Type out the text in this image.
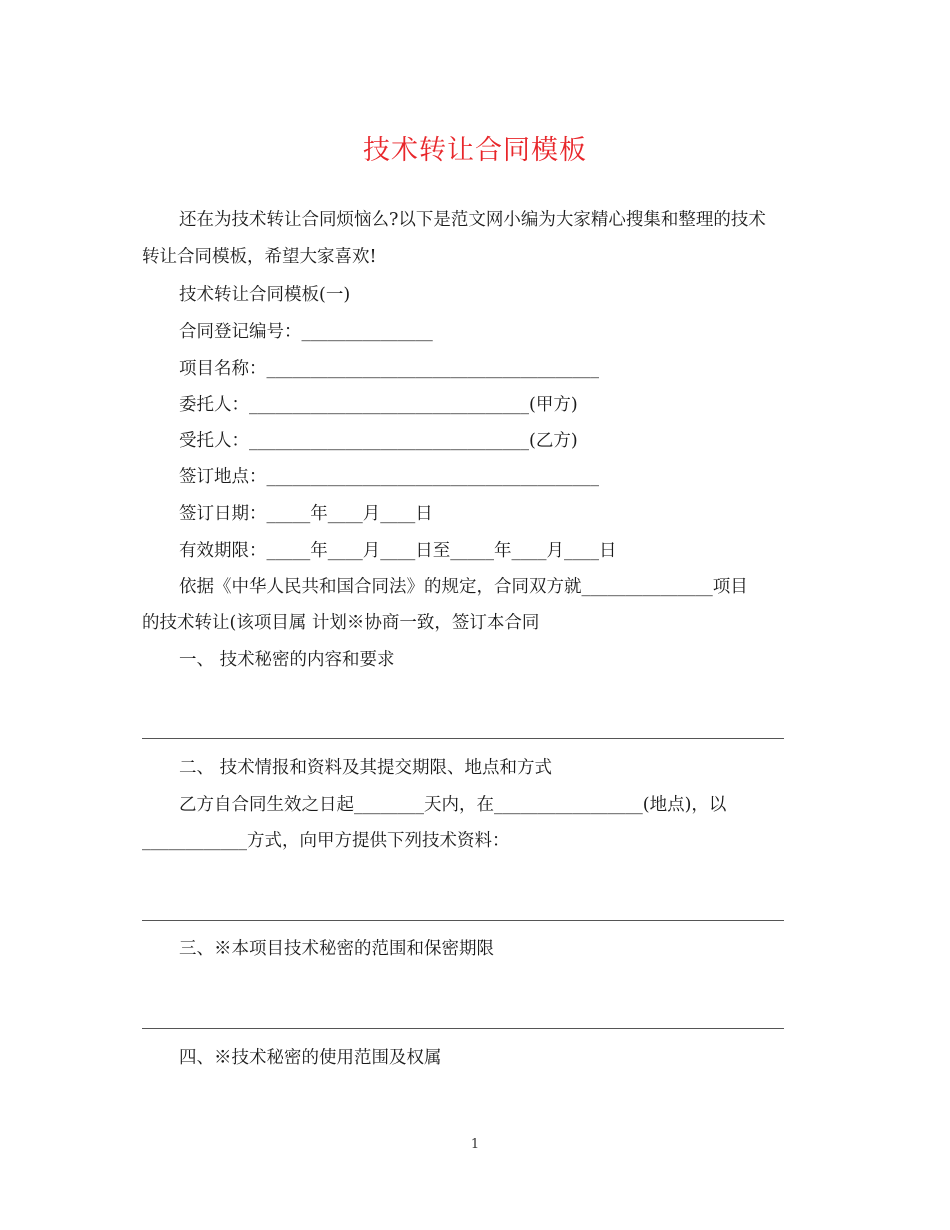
技术转让合同模板
还在为技术转让合同烦恼么?以下是范文网小编为大家精心搜集和整理的技术
转让合同模板，希望大家喜欢!
技术转让合同模板(一)
合同登记编号：_______________
项目名称：______________________________________
委托人：________________________________(甲方)
受托人：________________________________(乙方)
签订地点：______________________________________
签订日期：_____年____月____日
有效期限：_____年____月____日至_____年____月____日
依据《中华人民共和国合同法》的规定，合同双方就_______________项目
的技术转让(该项目属 计划※协商一致，签订本合同
一、 技术秘密的内容和要求
二、 技术情报和资料及其提交期限、地点和方式
乙方自合同生效之日起________天内，在_________________(地点)，以
____________方式，向甲方提供下列技术资料：
三、※本项目技术秘密的范围和保密期限
四、※技术秘密的使用范围及权属
1
